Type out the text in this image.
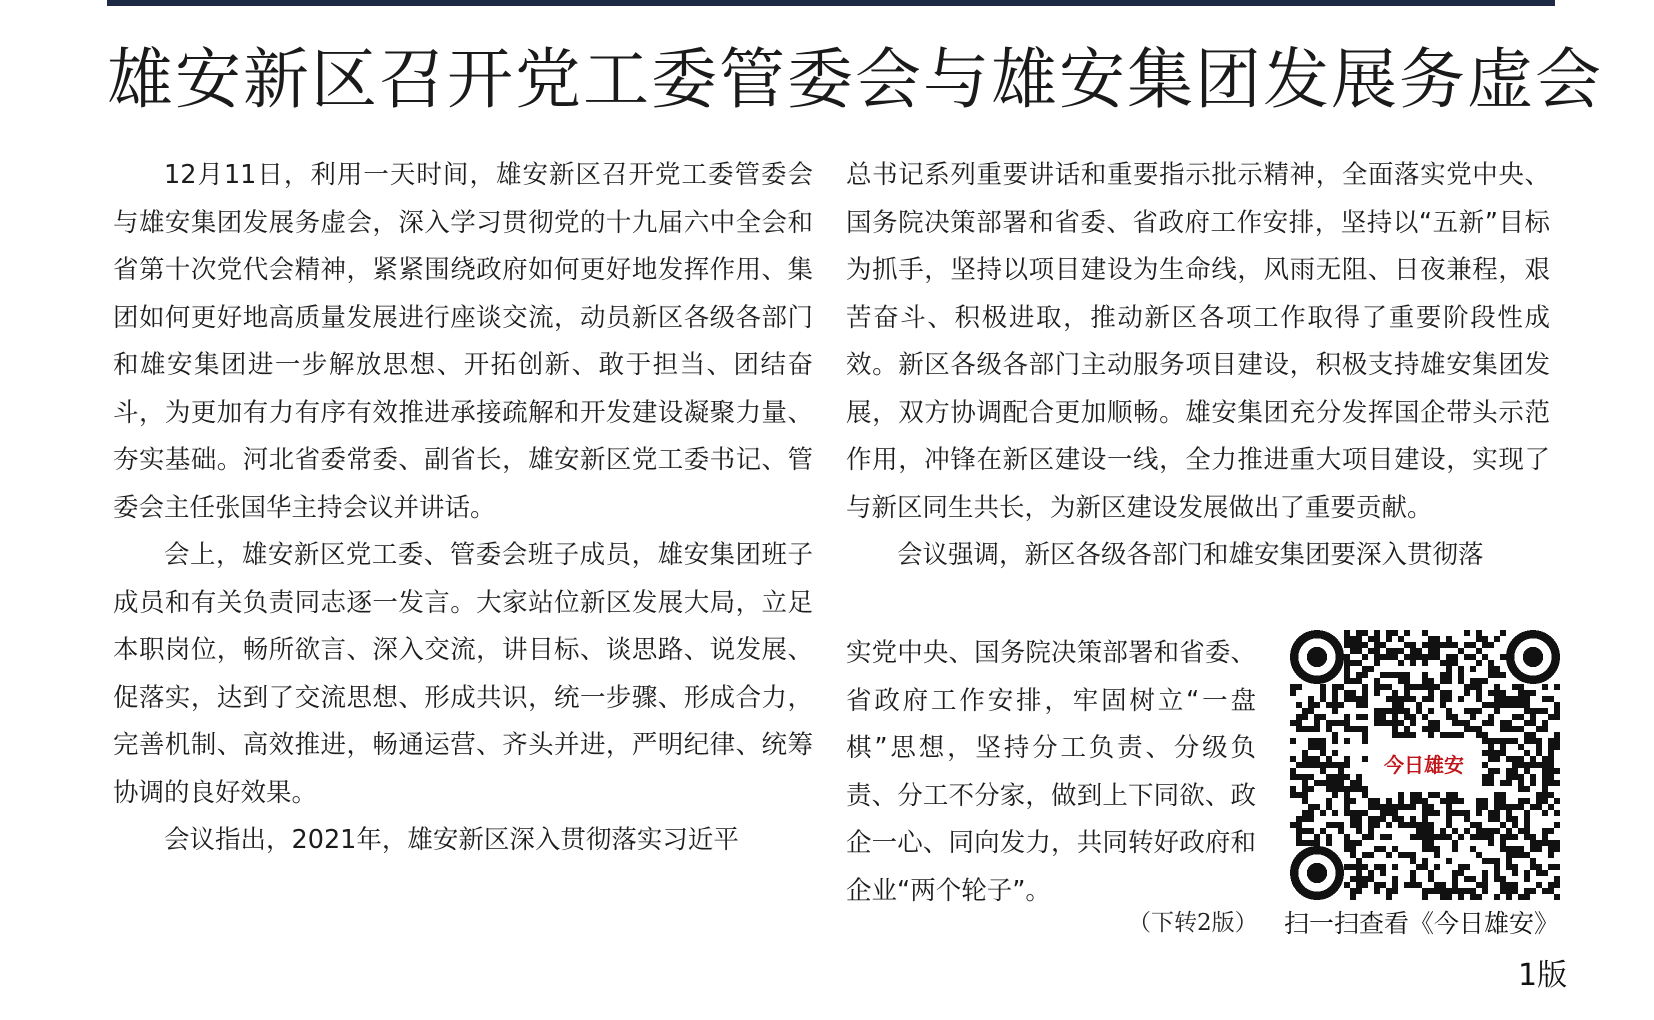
雄安新区召开党工委管委会与雄安集团发展务虚会

12月11日，利用一天时间，雄安新区召开党工委管委会与雄安集团发展务虚会，深入学习贯彻党的十九届六中全会和省第十次党代会精神，紧紧围绕政府如何更好地发挥作用、集团如何更好地高质量发展进行座谈交流，动员新区各级各部门和雄安集团进一步解放思想、开拓创新、敢于担当、团结奋斗，为更加有力有序有效推进承接疏解和开发建设凝聚力量、夯实基础。河北省委常委、副省长，雄安新区党工委书记、管委会主任张国华主持会议并讲话。

会上，雄安新区党工委、管委会班子成员，雄安集团班子成员和有关负责同志逐一发言。大家站位新区发展大局，立足本职岗位，畅所欲言、深入交流，讲目标、谈思路、说发展、促落实，达到了交流思想、形成共识，统一步骤、形成合力，完善机制、高效推进，畅通运营、齐头并进，严明纪律、统筹协调的良好效果。

会议指出，2021年，雄安新区深入贯彻落实习近平

总书记系列重要讲话和重要指示批示精神，全面落实党中央、国务院决策部署和省委、省政府工作安排，坚持以“五新”目标为抓手，坚持以项目建设为生命线，风雨无阻、日夜兼程，艰苦奋斗、积极进取，推动新区各项工作取得了重要阶段性成效。新区各级各部门主动服务项目建设，积极支持雄安集团发展，双方协调配合更加顺畅。雄安集团充分发挥国企带头示范作用，冲锋在新区建设一线，全力推进重大项目建设，实现了与新区同生共长，为新区建设发展做出了重要贡献。

会议强调，新区各级各部门和雄安集团要深入贯彻落

实党中央、国务院决策部署和省委、省政府工作安排，牢固树立“一盘棋”思想，坚持分工负责、分级负责、分工不分家，做到上下同欲、政企一心、同向发力，共同转好政府和企业“两个轮子”。

（下转2版）
今日雄安
扫一扫查看《今日雄安》
1版
